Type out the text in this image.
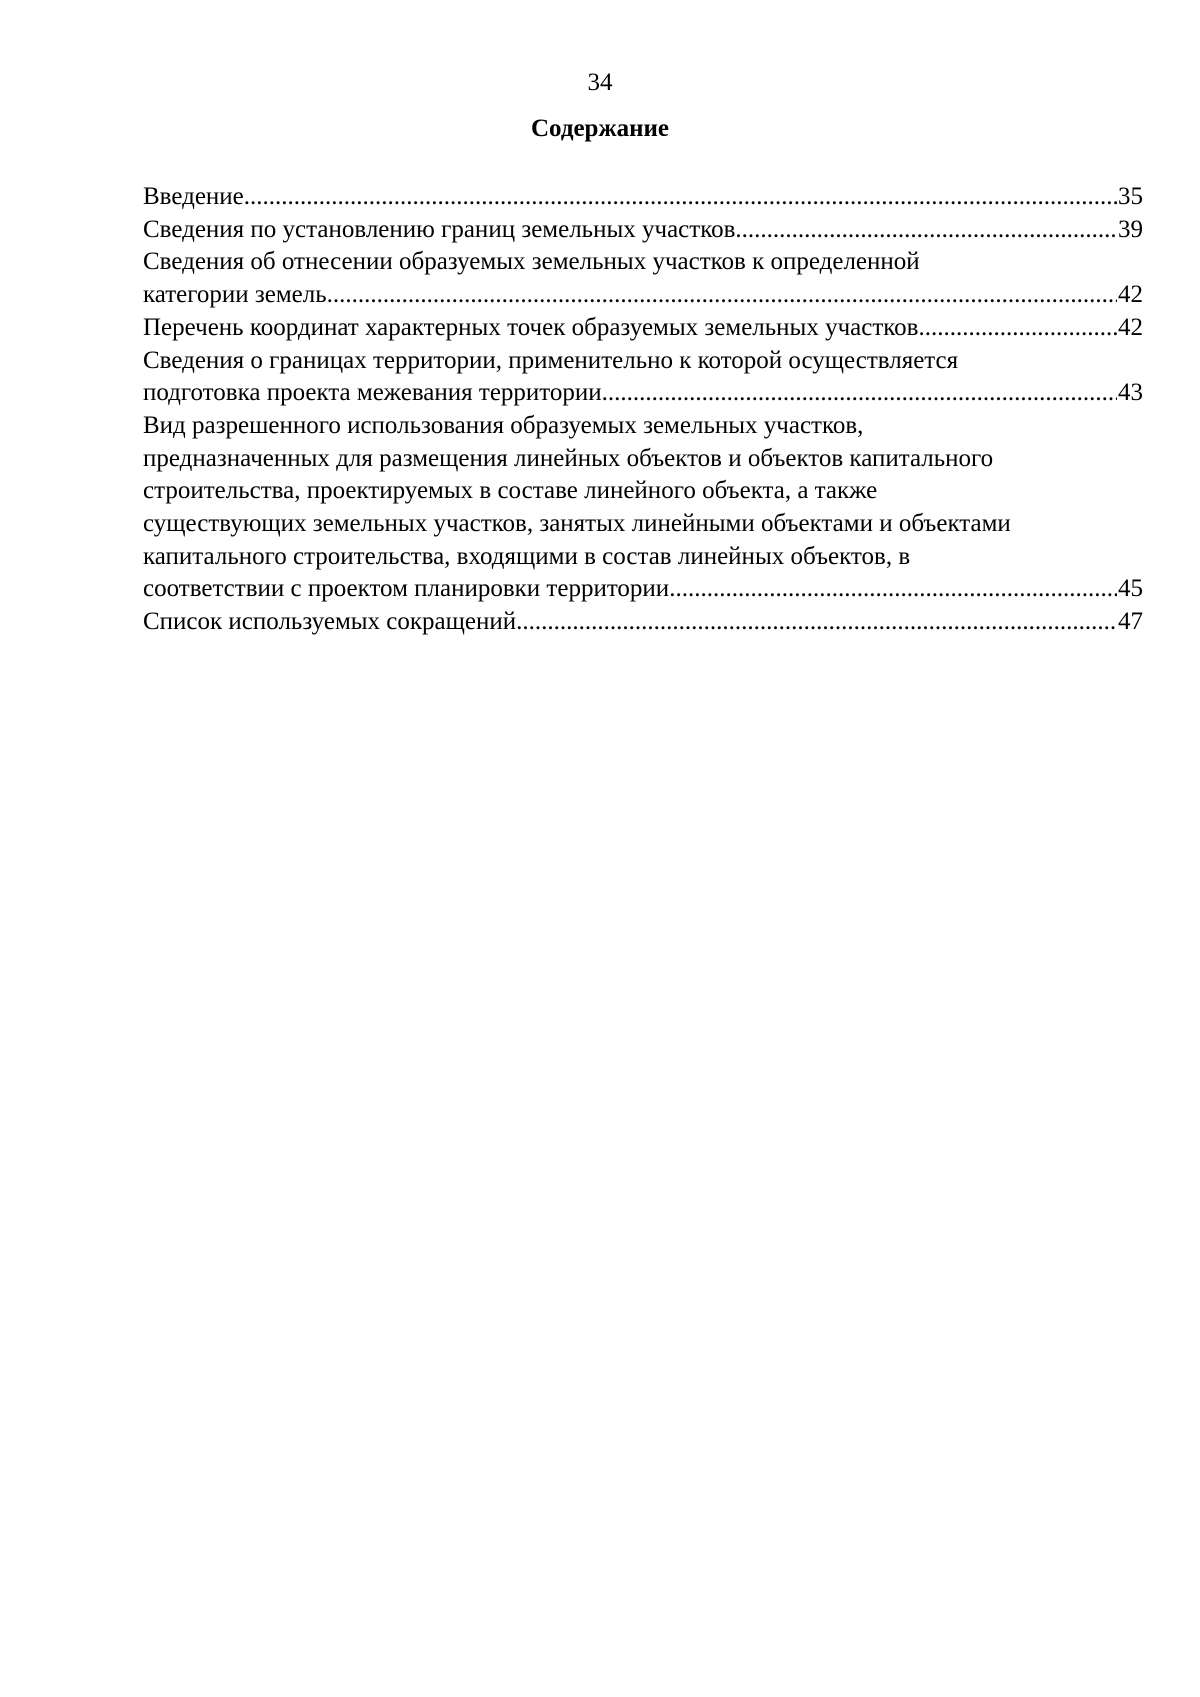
34
Содержание
Введение .....	35
Сведения по установлению границ земельных участков .....	39
Сведения об отнесении образуемых земельных участков к определенной
категории земель .....	42
Перечень координат характерных точек образуемых земельных участков .....	42
Сведения о границах территории, применительно к которой осуществляется
подготовка проекта межевания территории .....	43
Вид разрешенного использования образуемых земельных участков,
предназначенных для размещения линейных объектов и объектов капитального
строительства, проектируемых в составе линейного объекта, а также
существующих земельных участков, занятых линейными объектами и объектами
капитального строительства, входящими в состав линейных объектов, в
соответствии с проектом планировки территории .....	45
Список используемых сокращений .....	47
